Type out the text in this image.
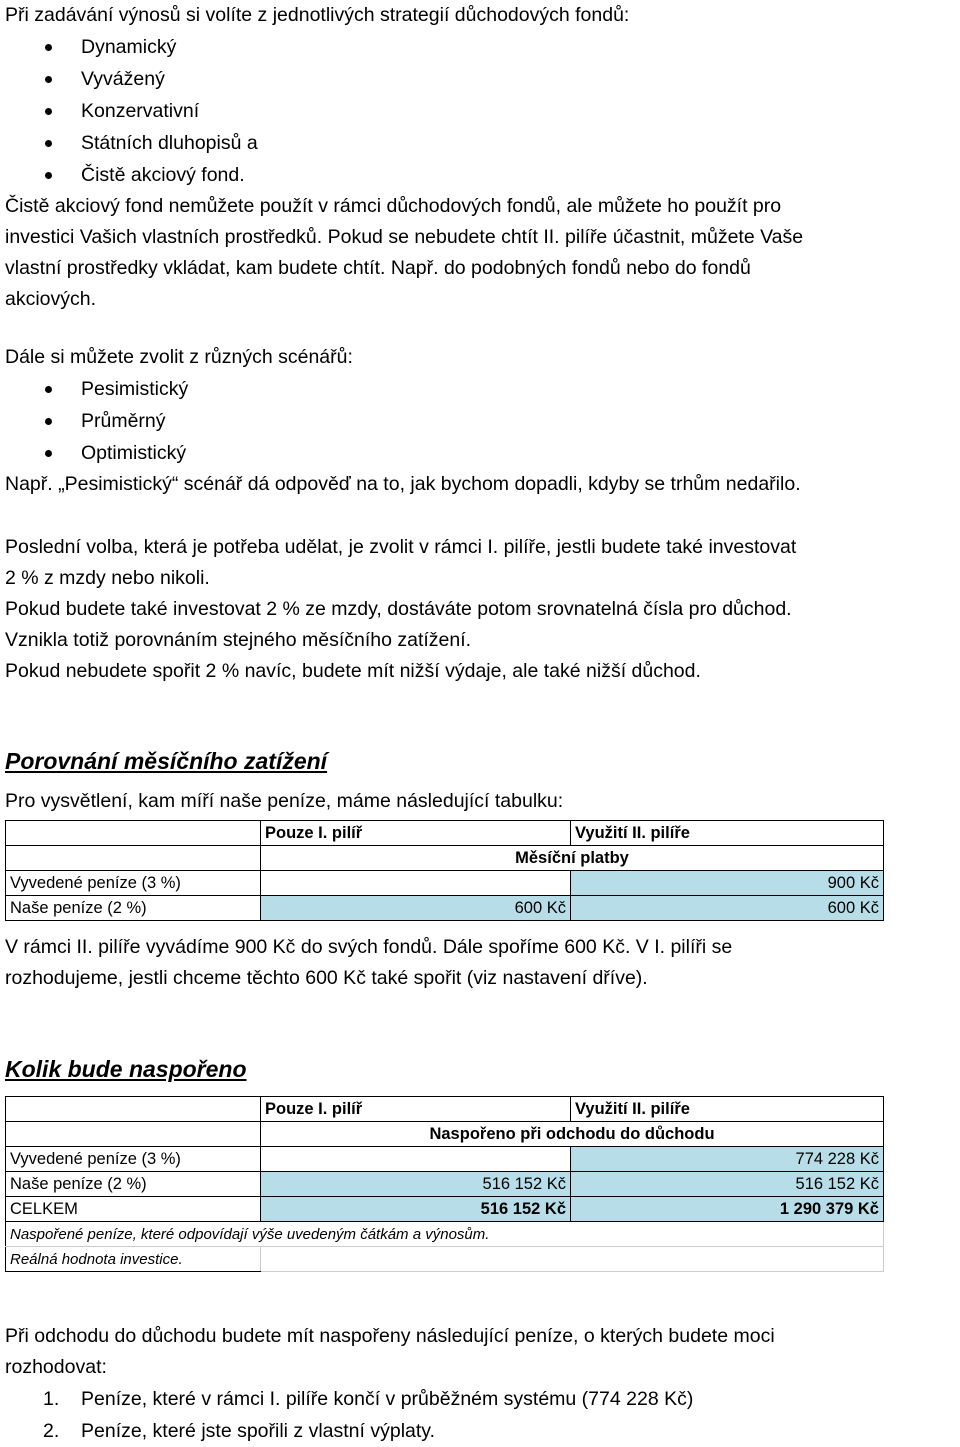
Při zadávání výnosů si volíte z jednotlivých strategií důchodových fondů:

Dynamický
Vyvážený
Konzervativní
Státních dluhopisů a
Čistě akciový fond.

Čistě akciový fond nemůžete použít v rámci důchodových fondů, ale můžete ho použít pro

investici Vašich vlastních prostředků. Pokud se nebudete chtít II. pilíře účastnit, můžete Vaše

vlastní prostředky vkládat, kam budete chtít. Např. do podobných fondů nebo do fondů

akciových.

Dále si můžete zvolit z různých scénářů:

Pesimistický
Průměrný
Optimistický

Např. „Pesimistický“ scénář dá odpověď na to, jak bychom dopadli, kdyby se trhům nedařilo.

Poslední volba, která je potřeba udělat, je zvolit v rámci I. pilíře, jestli budete také investovat

2 % z mzdy nebo nikoli.

Pokud budete také investovat 2 % ze mzdy, dostáváte potom srovnatelná čísla pro důchod.

Vznikla totiž porovnáním stejného měsíčního zatížení.

Pokud nebudete spořit 2 % navíc, budete mít nižší výdaje, ale také nižší důchod.

Porovnání měsíčního zatížení

Pro vysvětlení, kam míří naše peníze, máme následující tabulku:

	Pouze I. pilíř	Využití II. pilíře
	Měsíční platby	
Vyvedené peníze (3 %)		900 Kč
Naše peníze (2 %)	600 Kč	600 Kč

V rámci II. pilíře vyvádíme 900 Kč do svých fondů. Dále spoříme 600 Kč. V I. pilíři se

rozhodujeme, jestli chceme těchto 600 Kč také spořit (viz nastavení dříve).

Kolik bude naspořeno
	Pouze I. pilíř	Využití II. pilíře
	Naspořeno při odchodu do důchodu	
Vyvedené peníze (3 %)		774 228 Kč
Naše peníze (2 %)	516 152 Kč	516 152 Kč
CELKEM	516 152 Kč	1 290 379 Kč
Naspořené peníze, které odpovídají výše uvedeným čátkám a výnosům.		
Reálná hodnota investice.		

Při odchodu do důchodu budete mít naspořeny následující peníze, o kterých budete moci

rozhodovat:

1. Peníze, které v rámci I. pilíře končí v průběžném systému (774 228 Kč)
2. Peníze, které jste spořili z vlastní výplaty.
